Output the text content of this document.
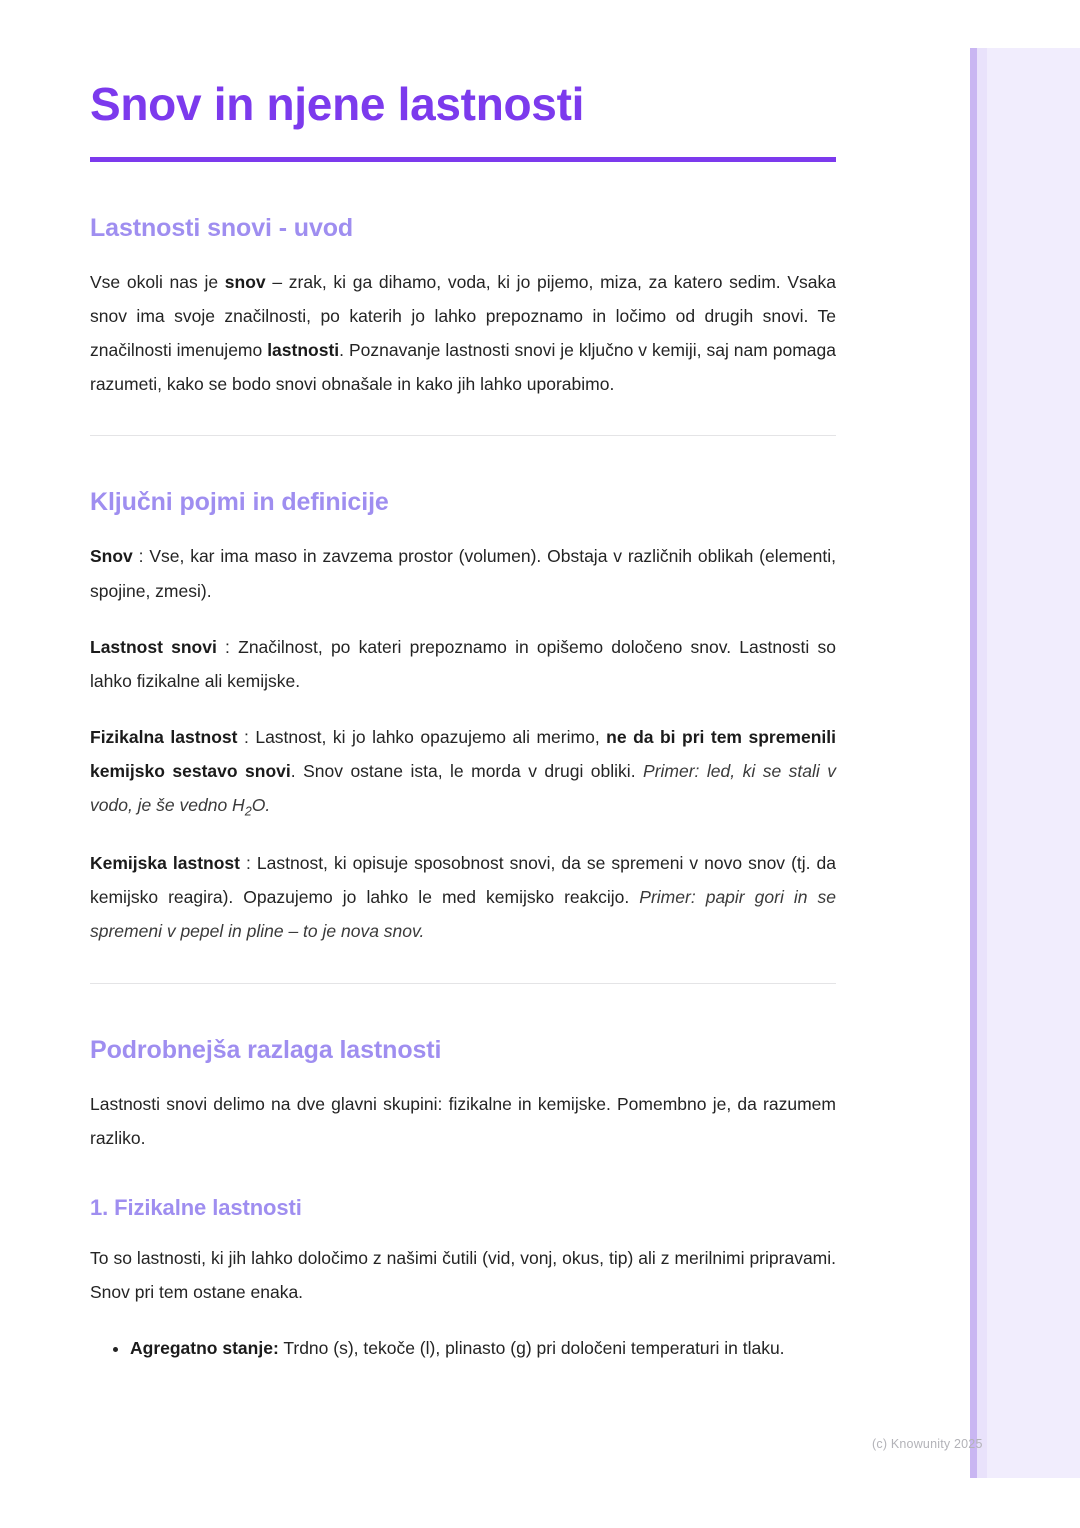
Snov in njene lastnosti
Lastnosti snovi - uvod

Vse okoli nas je snov – zrak, ki ga dihamo, voda, ki jo pijemo, miza, za katero sedim. Vsaka snov ima svoje značilnosti, po katerih jo lahko prepoznamo in ločimo od drugih snovi. Te značilnosti imenujemo lastnosti. Poznavanje lastnosti snovi je ključno v kemiji, saj nam pomaga razumeti, kako se bodo snovi obnašale in kako jih lahko uporabimo.

Ključni pojmi in definicije

Snov : Vse, kar ima maso in zavzema prostor (volumen). Obstaja v različnih oblikah (elementi, spojine, zmesi).

Lastnost snovi : Značilnost, po kateri prepoznamo in opišemo določeno snov. Lastnosti so lahko fizikalne ali kemijske.

Fizikalna lastnost : Lastnost, ki jo lahko opazujemo ali merimo, ne da bi pri tem spremenili kemijsko sestavo snovi. Snov ostane ista, le morda v drugi obliki. Primer: led, ki se stali v vodo, je še vedno $H_2O$.

Kemijska lastnost : Lastnost, ki opisuje sposobnost snovi, da se spremeni v novo snov (tj. da kemijsko reagira). Opazujemo jo lahko le med kemijsko reakcijo. Primer: papir gori in se spremeni v pepel in pline – to je nova snov.

Podrobnejša razlaga lastnosti

Lastnosti snovi delimo na dve glavni skupini: fizikalne in kemijske. Pomembno je, da razumem razliko.

1. Fizikalne lastnosti

To so lastnosti, ki jih lahko določimo z našimi čutili (vid, vonj, okus, tip) ali z merilnimi pripravami. Snov pri tem ostane enaka.

• Agregatno stanje: Trdno (s), tekoče (l), plinasto (g) pri določeni temperaturi in tlaku.
(c) Knowunity 2025
